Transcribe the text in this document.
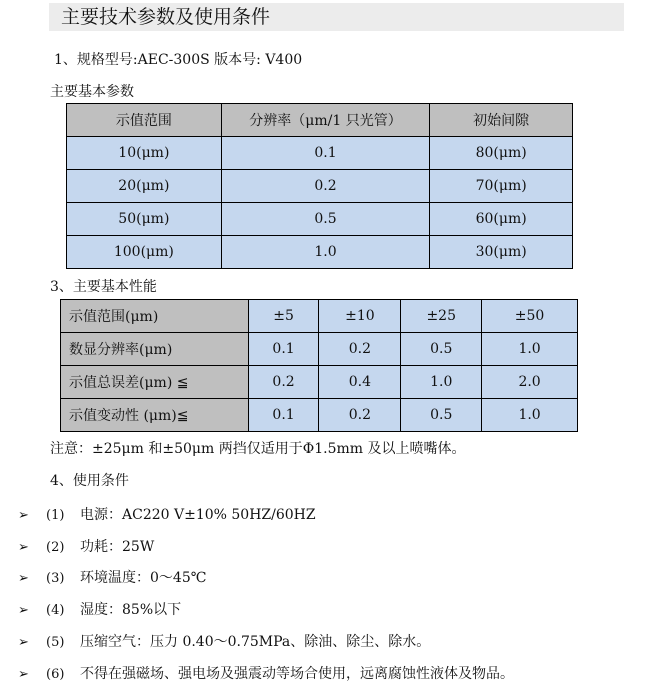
主要技术参数及使用条件
1、规格型号:AEC-300S 版本号: V400
主要基本参数
示值范围	分辨率（μm/1 只光管）	初始间隙
10(μm)	0.1	80(μm)
20(μm)	0.2	70(μm)
50(μm)	0.5	60(μm)
100(μm)	1.0	30(μm)
3、主要基本性能
示值范围(μm)	±5	±10	±25	±50
数显分辨率(μm)	0.1	0.2	0.5	1.0
示值总误差(μm) ≦	0.2	0.4	1.0	2.0
示值变动性 (μm)≦	0.1	0.2	0.5	1.0
注意：±25μm 和±50μm 两挡仅适用于Φ1.5mm 及以上喷嘴体。
4、使用条件
➢ (1) 电源：AC220 V±10% 50HZ/60HZ
➢ (2) 功耗：25W
➢ (3) 环境温度：0～45℃
➢ (4) 湿度：85%以下
➢ (5) 压缩空气：压力 0.40～0.75MPa、除油、除尘、除水。
➢ (6) 不得在强磁场、强电场及强震动等场合使用，远离腐蚀性液体及物品。
